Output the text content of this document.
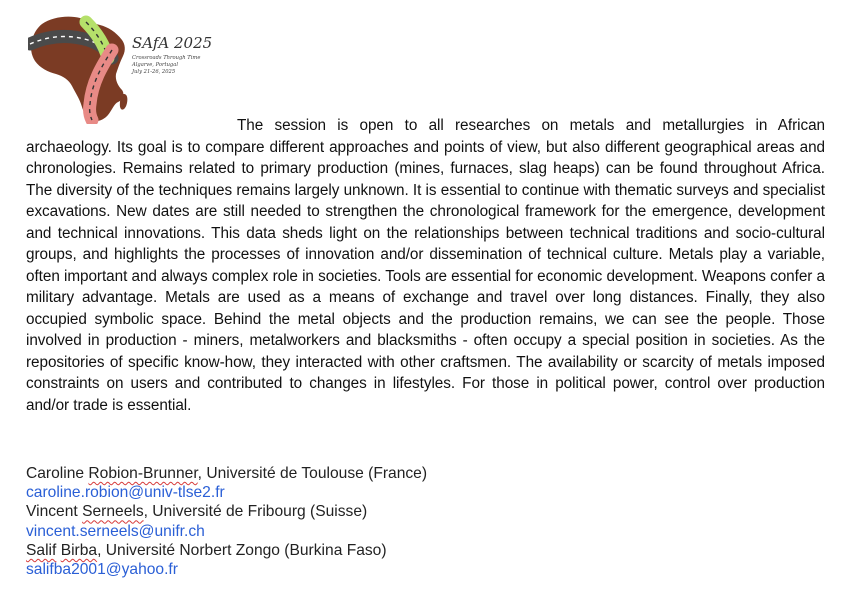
SAfA 2025
Crossroads Through Time
Algarve, Portugal
July 21-26, 2025

The session is open to all researches on metals and metallurgies in African archaeology. Its goal is to compare different approaches and points of view, but also different geographical areas and chronologies. Remains related to primary production (mines, furnaces, slag heaps) can be found throughout Africa. The diversity of the techniques remains largely unknown. It is essential to continue with thematic surveys and specialist excavations. New dates are still needed to strengthen the chronological framework for the emergence, development and technical innovations. This data sheds light on the relationships between technical traditions and socio-cultural groups, and highlights the processes of innovation and/or dissemination of technical culture. Metals play a variable, often important and always complex role in societies. Tools are essential for economic development. Weapons confer a military advantage. Metals are used as a means of exchange and travel over long distances. Finally, they also occupied symbolic space. Behind the metal objects and the production remains, we can see the people. Those involved in production - miners, metalworkers and blacksmiths - often occupy a special position in societies. As the repositories of specific know-how, they interacted with other craftsmen. The availability or scarcity of metals imposed constraints on users and contributed to changes in lifestyles. For those in political power, control over production and/or trade is essential.

Caroline Robion-Brunner, Université de Toulouse (France)
caroline.robion@univ-tlse2.fr
Vincent Serneels, Université de Fribourg (Suisse)
vincent.serneels@unifr.ch
Salif Birba, Université Norbert Zongo (Burkina Faso)
salifba2001@yahoo.fr
